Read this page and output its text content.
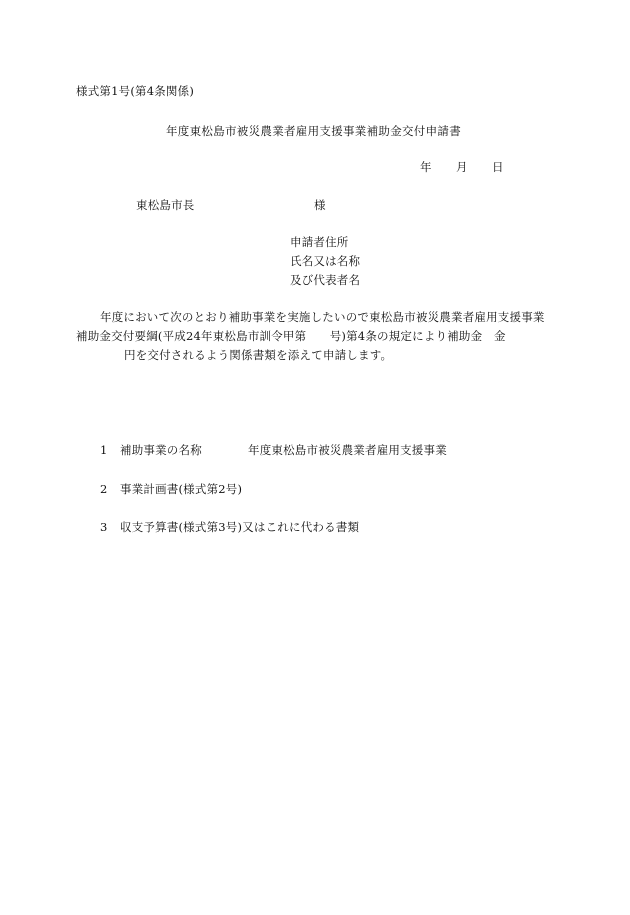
様式第1号(第4条関係)
年度東松島市被災農業者雇用支援事業補助金交付申請書
年 月 日
東松島市長	様
申請者住所
氏名又は名称
及び代表者名
年度において次のとおり補助事業を実施したいので東松島市被災農業者雇用支援事業
補助金交付要綱(平成24年東松島市訓令甲第　　号)第4条の規定により補助金　金
円を交付されるよう関係書類を添えて申請します。
1 補助事業の名称	年度東松島市被災農業者雇用支援事業
2 事業計画書(様式第2号)
3 収支予算書(様式第3号)又はこれに代わる書類
